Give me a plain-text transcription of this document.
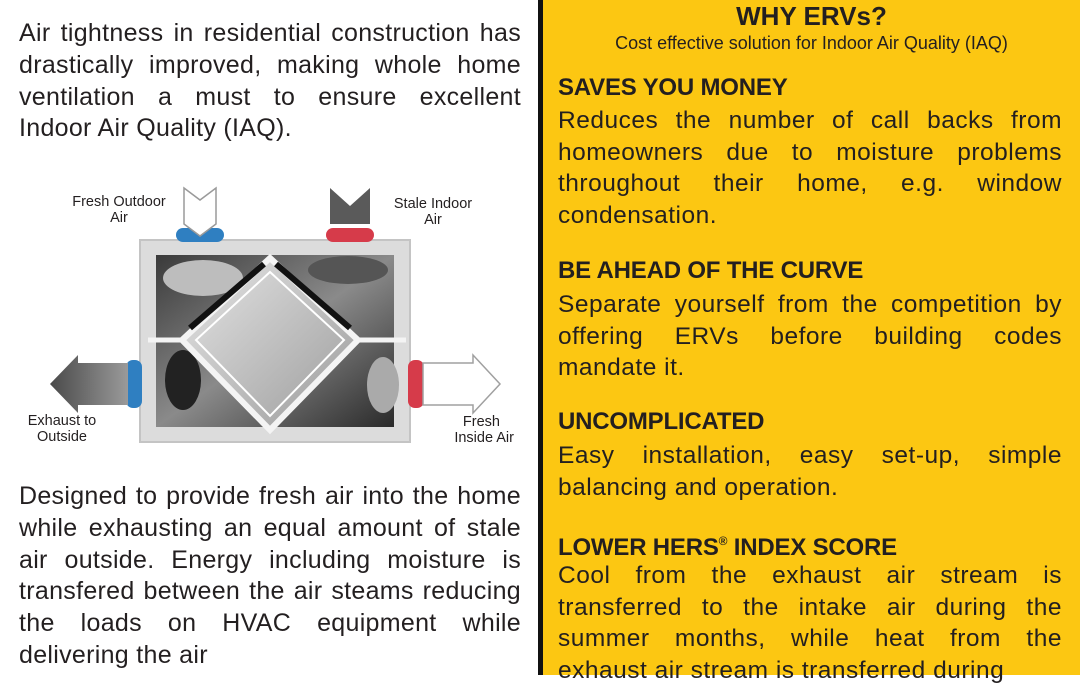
Air tightness in residential construction has drastically improved, making whole home ventilation a must to ensure excellent Indoor Air Quality (IAQ).

Fresh Outdoor
Air
Stale Indoor
Air
Exhaust to
Outside
Fresh
Inside Air

Designed to provide fresh air into the home while exhausting an equal amount of stale air outside. Energy including moisture is transfered between the air steams reducing the loads on HVAC equipment while delivering the air

WHY ERVs?
Cost effective solution for Indoor Air Quality (IAQ)
SAVES YOU MONEY

Reduces the number of call backs from homeowners due to moisture problems throughout their home, e.g. window condensation.

BE AHEAD OF THE CURVE

Separate yourself from the competition by offering ERVs before building codes mandate it.

UNCOMPLICATED

Easy installation, easy set-up, simple balancing and operation.

LOWER HERS® INDEX SCORE

Cool from the exhaust air stream is transferred to the intake air during the summer months, while heat from the exhaust air stream is transferred during
